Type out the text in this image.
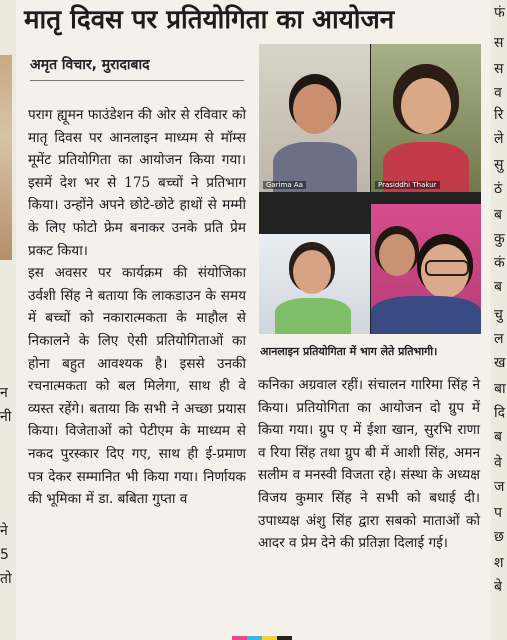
न
नी
ने
5
तो
फं
स
स
व
रि
ले
सु
ठं
ब
कु
कं
ब
चु
ल
ख
बा
दि
ब
वे
ज
प
छ
श
बे
मातृ दिवस पर प्रतियोगिता का आयोजन
अमृत विचार, मुरादाबाद

पराग ह्यूमन फाउंडेशन की ओर से रविवार को मातृ दिवस पर आनलाइन माध्यम से मॉम्स मूमेंट प्रतियोगिता का आयोजन किया गया। इसमें देश भर से 175 बच्चों ने प्रतिभाग किया। उन्होंने अपने छोटे-छोटे हाथों से मम्मी के लिए फोटो फ्रेम बनाकर उनके प्रति प्रेम प्रकट किया।

इस अवसर पर कार्यक्रम की संयोजिका उर्वशी सिंह ने बताया कि लाकडाउन के समय में बच्चों को नकारात्मकता के माहौल से निकालने के लिए ऐसी प्रतियोगिताओं का होना बहुत आवश्यक है। इससे उनकी रचनात्मकता को बल मिलेगा, साथ ही वे व्यस्त रहेंगे। बताया कि सभी ने अच्छा प्रयास किया। विजेताओं को पेटीएम के माध्यम से नकद पुरस्कार दिए गए, साथ ही ई-प्रमाण पत्र देकर सम्मानित भी किया गया। निर्णायक की भूमिका में डा. बबिता गुप्ता व

Garima Aa	Prasiddhi Thakur
आनलाइन प्रतियोगिता में भाग लेते प्रतिभागी।

कनिका अग्रवाल रहीं। संचालन गारिमा सिंह ने किया। प्रतियोगिता का आयोजन दो ग्रुप में किया गया। ग्रुप ए में ईशा खान, सुरभि राणा व रिया सिंह तथा ग्रुप बी में आशी सिंह, अमन सलीम व मनस्वी विजता रहे। संस्था के अध्यक्ष विजय कुमार सिंह ने सभी को बधाई दी। उपाध्यक्ष अंशु सिंह द्वारा सबको माताओं को आदर व प्रेम देने की प्रतिज्ञा दिलाई गई।
